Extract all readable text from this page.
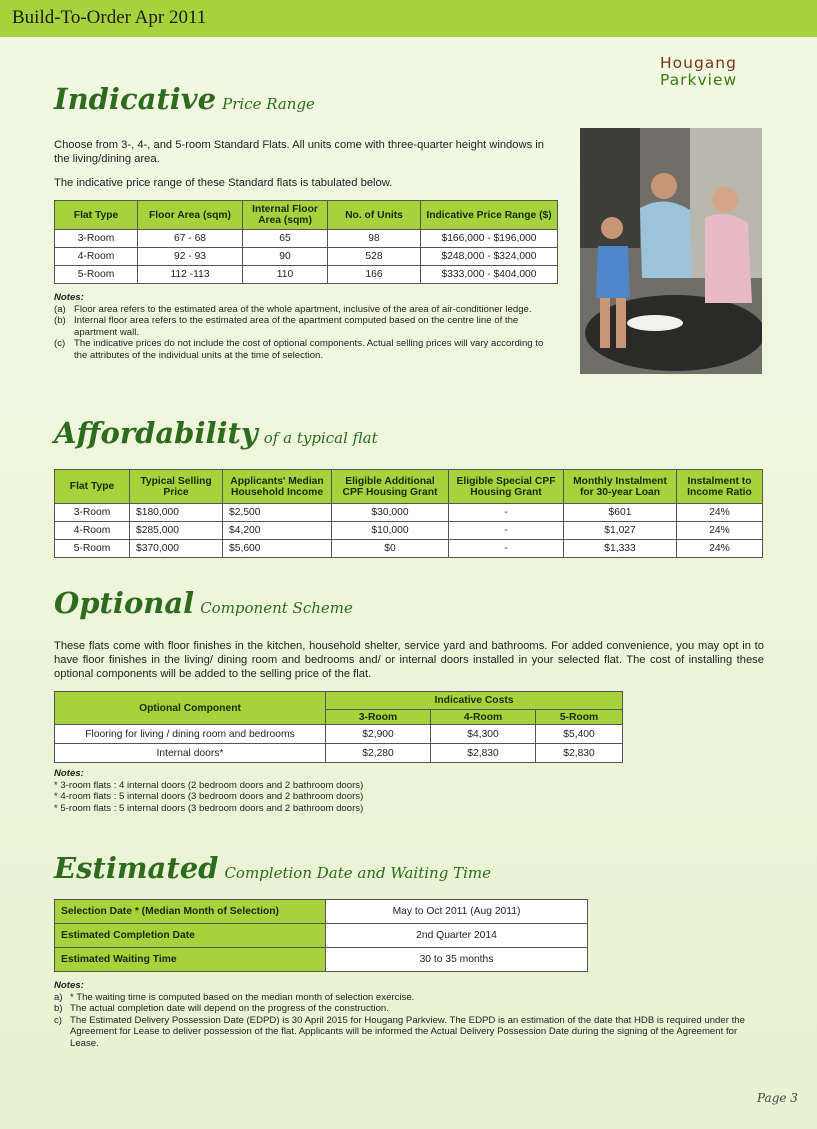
Build-To-Order Apr 2011
Hougang
Parkview
Indicative Price Range
Choose from 3-, 4-, and 5-room Standard Flats. All units come with three-quarter height windows in the living/dining area.
The indicative price range of these Standard flats is tabulated below.
Flat Type	Floor Area (sqm)	Internal Floor Area (sqm)	No. of Units	Indicative Price Range ($)
3-Room	67 - 68	65	98	$166,000 - $196,000
4-Room	92 - 93	90	528	$248,000 - $324,000
5-Room	112 -113	110	166	$333,000 - $404,000
Notes:
(a) Floor area refers to the estimated area of the whole apartment, inclusive of the area of air-conditioner ledge.
(b) Internal floor area refers to the estimated area of the apartment computed based on the centre line of the apartment wall.
(c) The indicative prices do not include the cost of optional components. Actual selling prices will vary according to the attributes of the individual units at the time of selection.
Affordability of a typical flat
Flat Type	Typical Selling Price	Applicants' Median Household Income	Eligible Additional CPF Housing Grant	Eligible Special CPF Housing Grant	Monthly Instalment for 30-year Loan	Instalment to Income Ratio
3-Room	$180,000	$2,500	$30,000	-	$601	24%
4-Room	$285,000	$4,200	$10,000	-	$1,027	24%
5-Room	$370,000	$5,600	$0	-	$1,333	24%
Optional Component Scheme
These flats come with floor finishes in the kitchen, household shelter, service yard and bathrooms. For added convenience, you may opt in to have floor finishes in the living/ dining room and bedrooms and/ or internal doors installed in your selected flat. The cost of installing these optional components will be added to the selling price of the flat.
Optional Component	Indicative Costs		
	3-Room	4-Room	5-Room
Flooring for living / dining room and bedrooms	$2,900	$4,300	$5,400
Internal doors*	$2,280	$2,830	$2,830
Notes:
* 3-room flats : 4 internal doors (2 bedroom doors and 2 bathroom doors)
* 4-room flats : 5 internal doors (3 bedroom doors and 2 bathroom doors)
* 5-room flats : 5 internal doors (3 bedroom doors and 2 bathroom doors)
Estimated Completion Date and Waiting Time
Selection Date * (Median Month of Selection)	May to Oct 2011 (Aug 2011)
Estimated Completion Date	2nd Quarter 2014
Estimated Waiting Time	30 to 35 months
Notes:
a) * The waiting time is computed based on the median month of selection exercise.
b) The actual completion date will depend on the progress of the construction.
c) The Estimated Delivery Possession Date (EDPD) is 30 April 2015 for Hougang Parkview. The EDPD is an estimation of the date that HDB is required under the Agreement for Lease to deliver possession of the flat. Applicants will be informed the Actual Delivery Possession Date during the signing of the Agreement for Lease.
Page 3
